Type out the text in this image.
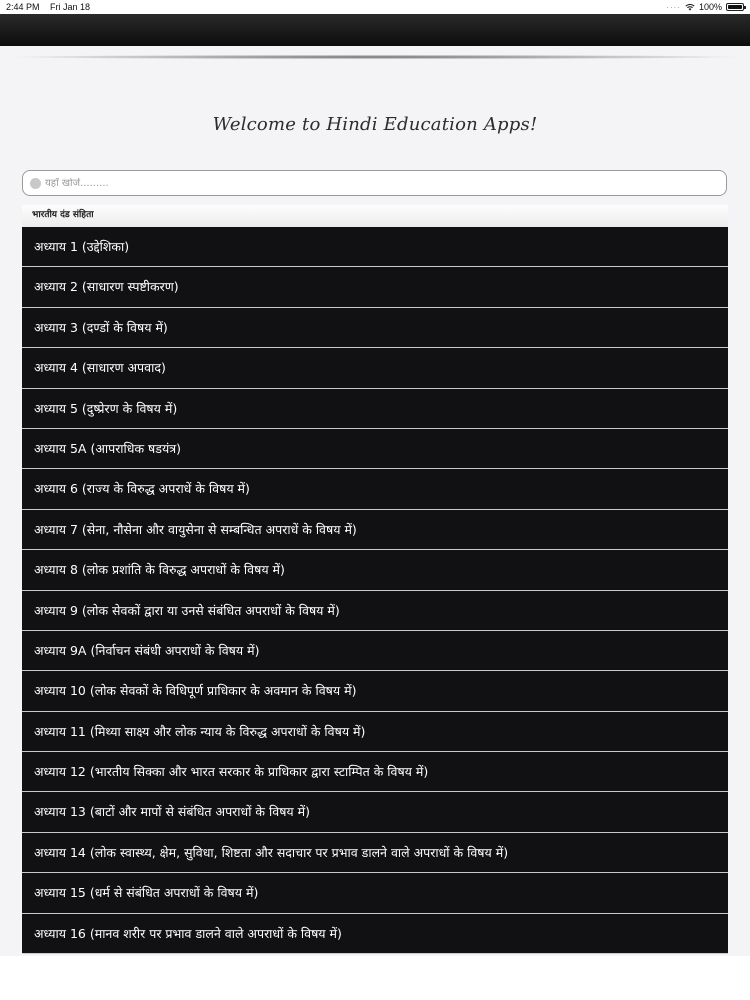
2:44 PM Fri Jan 18	···· 100%
Welcome to Hindi Education Apps!
यहाँ खोजें.........
भारतीय दंड संहिता
अध्याय 1 (उद्देशिका)
अध्याय 2 (साधारण स्पष्टीकरण)
अध्याय 3 (दण्डों के विषय में)
अध्याय 4 (साधारण अपवाद)
अध्याय 5 (दुष्प्रेरण के विषय में)
अध्याय 5A (आपराधिक षडयंत्र)
अध्याय 6 (राज्य के विरुद्ध अपराधें के विषय में)
अध्याय 7 (सेना, नौसेना और वायुसेना से सम्बन्धित अपराधें के विषय में)
अध्याय 8 (लोक प्रशांति के विरुद्ध अपराधों के विषय में)
अध्याय 9 (लोक सेवकों द्वारा या उनसे संबंधित अपराधों के विषय में)
अध्याय 9A (निर्वाचन संबंधी अपराधों के विषय में)
अध्याय 10 (लोक सेवकों के विधिपूर्ण प्राधिकार के अवमान के विषय में)
अध्याय 11 (मिथ्या साक्ष्य और लोक न्याय के विरुद्ध अपराधों के विषय में)
अध्याय 12 (भारतीय सिक्का और भारत सरकार के प्राधिकार द्वारा स्टाम्पित के विषय में)
अध्याय 13 (बाटों और मापों से संबंधित अपराधों के विषय में)
अध्याय 14 (लोक स्वास्थ्य, क्षेम, सुविधा, शिष्टता और सदाचार पर प्रभाव डालने वाले अपराधों के विषय में)
अध्याय 15 (धर्म से संबंधित अपराधों के विषय में)
अध्याय 16 (मानव शरीर पर प्रभाव डालने वाले अपराधों के विषय में)
